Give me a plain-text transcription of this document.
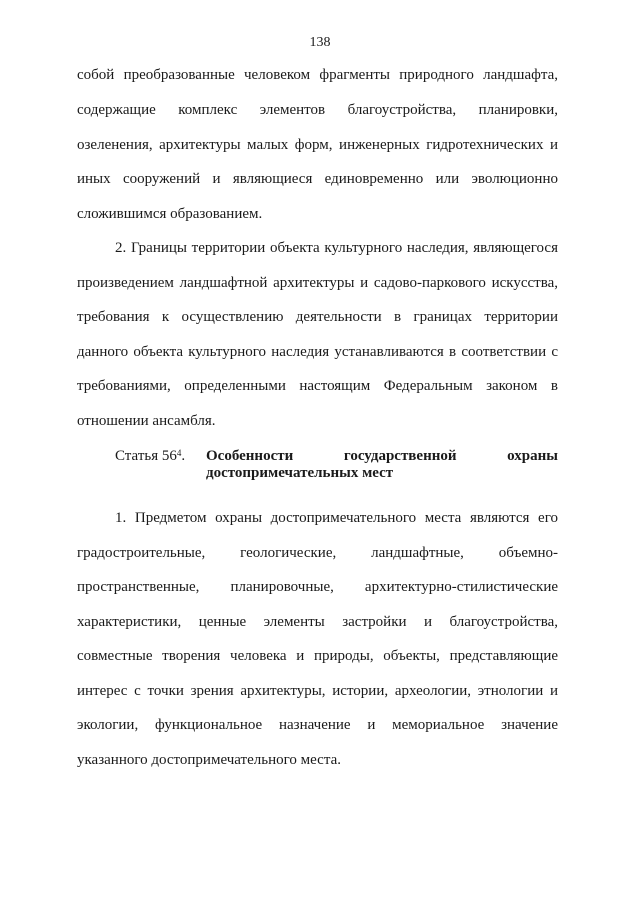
138
собой преобразованные человеком фрагменты природного ландшафта,
содержащие комплекс элементов благоустройства, планировки,
озеленения, архитектуры малых форм, инженерных гидротехнических и
иных сооружений и являющиеся единовременно или эволюционно
сложившимся образованием.
2. Границы территории объекта культурного наследия, являющегося
произведением ландшафтной архитектуры и садово-паркового искусства,
требования к осуществлению деятельности в границах территории
данного объекта культурного наследия устанавливаются в соответствии с
требованиями, определенными настоящим Федеральным законом в
отношении ансамбля.
Статья $56^4$. Особенности государственной охраны
достопримечательных мест
1. Предметом охраны достопримечательного места являются его
градостроительные, геологические, ландшафтные, объемно-
пространственные, планировочные, архитектурно-стилистические
характеристики, ценные элементы застройки и благоустройства,
совместные творения человека и природы, объекты, представляющие
интерес с точки зрения архитектуры, истории, археологии, этнологии и
экологии, функциональное назначение и мемориальное значение
указанного достопримечательного места.
